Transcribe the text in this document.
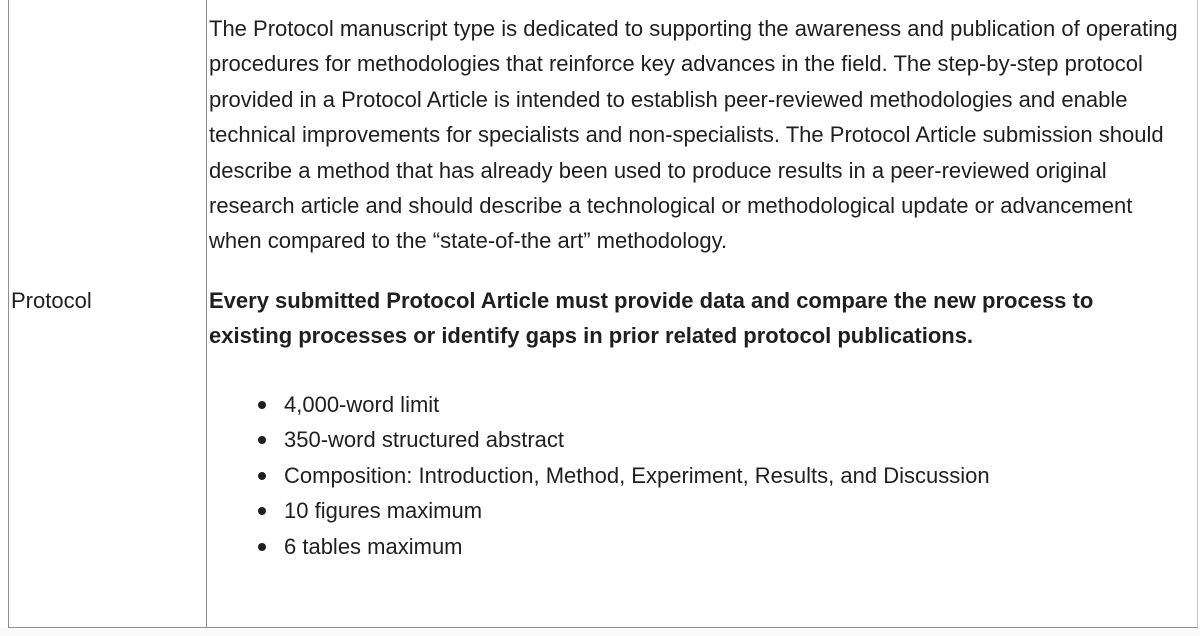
Protocol

The Protocol manuscript type is dedicated to supporting the awareness and publication of operating procedures for methodologies that reinforce key advances in the field. The step-by-step protocol provided in a Protocol Article is intended to establish peer-reviewed methodologies and enable technical improvements for specialists and non-specialists. The Protocol Article submission should describe a method that has already been used to produce results in a peer-reviewed original research article and should describe a technological or methodological update or advancement when compared to the “state-of-the art” methodology.

Every submitted Protocol Article must provide data and compare the new process to existing processes or identify gaps in prior related protocol publications.

4,000-word limit
350-word structured abstract
Composition: Introduction, Method, Experiment, Results, and Discussion
10 figures maximum
6 tables maximum
